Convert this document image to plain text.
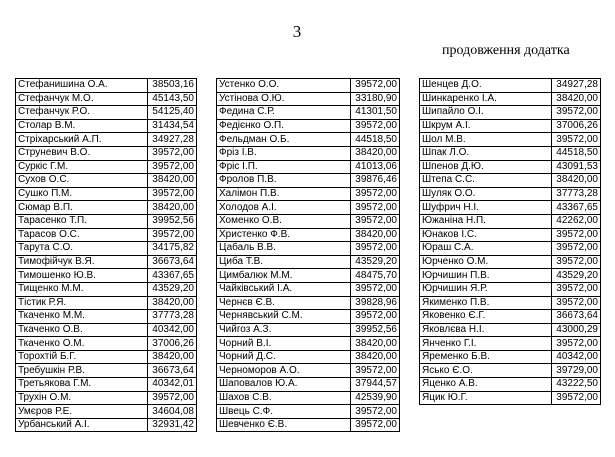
3
продовження додатка
Стефанишина О.А.	38503,16
Стефанчук М.О.	45143,50
Стефанчук Р.О.	54125,40
Столар В.М.	31434,54
Стріхарський А.П.	34927,28
Струневич В.О.	39572,00
Суркіс Г.М.	39572,00
Сухов О.С.	38420,00
Сушко П.М.	39572,00
Сюмар В.П.	38420,00
Тарасенко Т.П.	39952,56
Тарасов О.С.	39572,00
Тарута С.О.	34175,82
Тимофійчук В.Я.	36673,64
Тимошенко Ю.В.	43367,65
Тищенко М.М.	43529,20
Тістик Р.Я.	38420,00
Ткаченко М.М.	37773,28
Ткаченко О.В.	40342,00
Ткаченко О.М.	37006,26
Торохтій Б.Г.	38420,00
Требушкін Р.В.	36673,64
Третьякова Г.М.	40342,01
Трухін О.М.	39572,00
Умєров Р.Е.	34604,08
Урбанський А.І.	32931,42
Устенко О.О.	39572,00
Устінова О.Ю.	33180,90
Федина С.Р.	41301,50
Федієнко О.П.	39572,00
Фельдман О.Б.	44518,50
Фріз І.В.	38420,00
Фріс І.П.	41013,06
Фролов П.В.	39876,46
Халімон П.В.	39572,00
Холодов А.І.	39572,00
Хоменко О.В.	39572,00
Христенко Ф.В.	38420,00
Цабаль В.В.	39572,00
Циба Т.В.	43529,20
Цимбалюк М.М.	48475,70
Чайківський І.А.	39572,00
Чернєв Є.В.	39828,96
Чернявський С.М.	39572,00
Чийгоз А.З.	39952,56
Чорний В.І.	38420,00
Чорний Д.С.	38420,00
Черноморов А.О.	39572,00
Шаповалов Ю.А.	37944,57
Шахов С.В.	42539,90
Швець С.Ф.	39572,00
Шевченко Є.В.	39572,00
Шенцев Д.О.	34927,28
Шинкаренко І.А.	38420,00
Шипайло О.І.	39572,00
Шкрум А.І.	37006,26
Шол М.В.	39572,00
Шпак Л.О.	44518,50
Шпенов Д.Ю.	43091,53
Штепа С.С.	38420,00
Шуляк О.О.	37773,28
Шуфрич Н.І.	43367,65
Южаніна Н.П.	42262,00
Юнаков І.С.	39572,00
Юраш С.А.	39572,00
Юрченко О.М.	39572,00
Юрчишин П.В.	43529,20
Юрчишин Я.Р.	39572,00
Якименко П.В.	39572,00
Яковенко Є.Г.	36673,64
Яковлєва Н.І.	43000,29
Янченко Г.І.	39572,00
Яременко Б.В.	40342,00
Ясько Є.О.	39729,00
Яценко А.В.	43222,50
Яцик Ю.Г.	39572,00
